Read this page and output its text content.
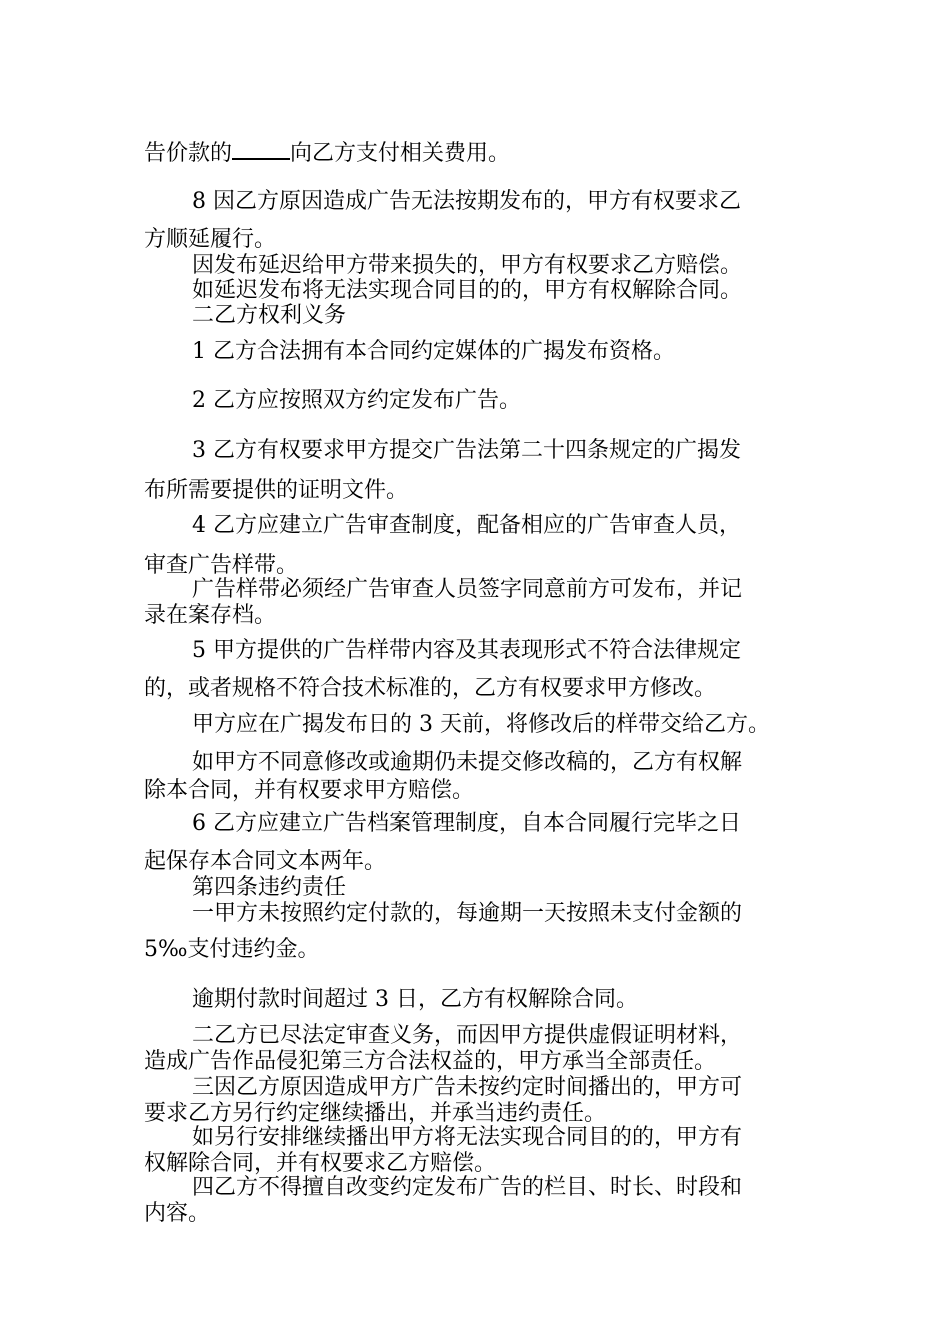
告价款的	向乙方支付相关费用。
8 因乙方原因造成广告无法按期发布的，甲方有权要求乙
方顺延履行。
因发布延迟给甲方带来损失的，甲方有权要求乙方赔偿。
如延迟发布将无法实现合同目的的，甲方有权解除合同。
二乙方权利义务
1 乙方合法拥有本合同约定媒体的广揭发布资格。
2 乙方应按照双方约定发布广告。
3 乙方有权要求甲方提交广告法第二十四条规定的广揭发
布所需要提供的证明文件。
4 乙方应建立广告审查制度，配备相应的广告审查人员，
审查广告样带。
广告样带必须经广告审查人员签字同意前方可发布，并记
录在案存档。
5 甲方提供的广告样带内容及其表现形式不符合法律规定
的，或者规格不符合技术标准的，乙方有权要求甲方修改。
甲方应在广揭发布日的 3 天前，将修改后的样带交给乙方。
如甲方不同意修改或逾期仍未提交修改稿的，乙方有权解
除本合同，并有权要求甲方赔偿。
6 乙方应建立广告档案管理制度，自本合同履行完毕之日
起保存本合同文本两年。
第四条违约责任
一甲方未按照约定付款的，每逾期一天按照未支付金额的
5‰支付违约金。
逾期付款时间超过 3 日，乙方有权解除合同。
二乙方已尽法定审查义务，而因甲方提供虚假证明材料，
造成广告作品侵犯第三方合法权益的，甲方承当全部责任。
三因乙方原因造成甲方广告未按约定时间播出的，甲方可
要求乙方另行约定继续播出，并承当违约责任。
如另行安排继续播出甲方将无法实现合同目的的，甲方有
权解除合同，并有权要求乙方赔偿。
四乙方不得擅自改变约定发布广告的栏目、时长、时段和
内容。
